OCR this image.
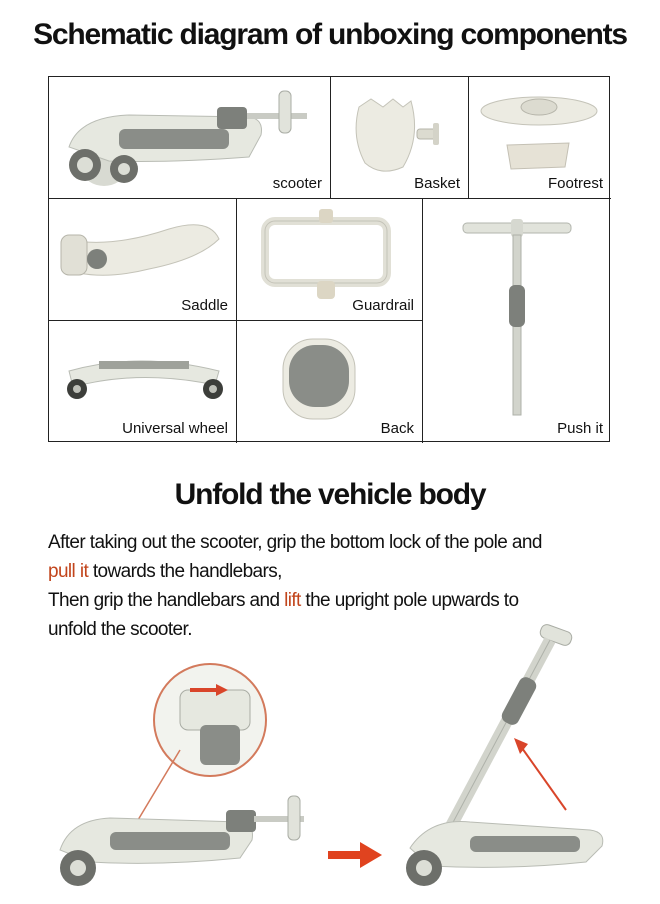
Schematic diagram of unboxing components
scooter	Basket	Footrest
Saddle	Guardrail
Push it
Universal wheel	Back
Unfold the vehicle body
After taking out the scooter, grip the bottom lock of the pole and
pull it towards the handlebars,
Then grip the handlebars and lift the upright pole upwards to
unfold the scooter.
